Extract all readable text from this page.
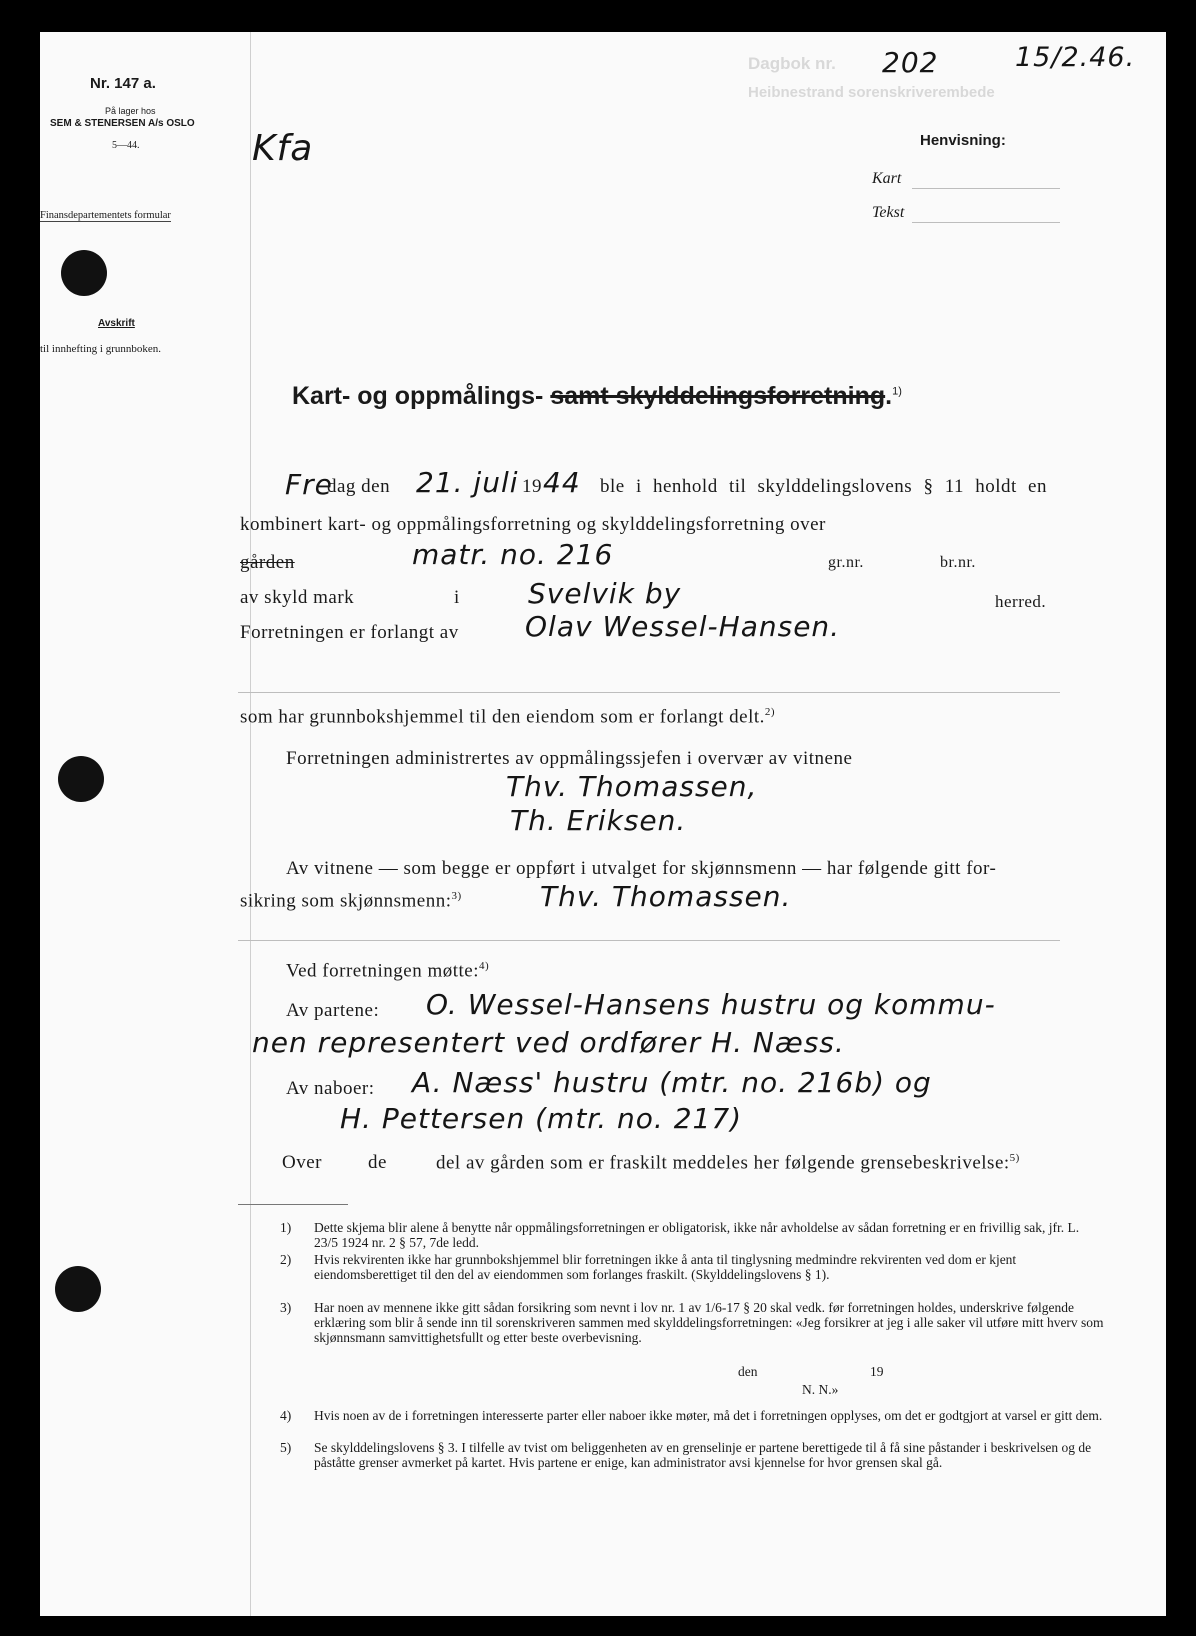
Nr. 147 a.
På lager hos
SEM & STENERSEN A/s OSLO
5—44.
Finansdepartementets formular
Avskrift
til innhefting i grunnboken.
Dagbok nr. 202	15/2.46.
Heibnestrand sorenskriverembede
Kfa	Henvisning:
Kart
Tekst
Kart- og oppmålings- samt skylddelingsforretning.$^{1)}$
Fre
dag den 21. juli 19 44 ble i henhold til skylddelingslovens § 11 holdt en
kombinert kart- og oppmålingsforretning og skylddelingsforretning over
gården	matr. no. 216	gr.nr.	br.nr.
av skyld mark	i Svelvik by	herred.
Forretningen er forlangt av Olav Wessel-Hansen.
som har grunnbokshjemmel til den eiendom som er forlangt delt.$^{2)}$
Forretningen administrertes av oppmålingssjefen i overvær av vitnene
Thv. Thomassen,
Th. Eriksen.
Av vitnene — som begge er oppført i utvalget for skjønnsmenn — har følgende gitt for-
sikring som skjønnsmenn:$^{3)}$	Thv. Thomassen.
Ved forretningen møtte:$^{4)}$
Av partene: O. Wessel-Hansens hustru og kommu-
nen representert ved ordfører H. Næss.
Av naboer: A. Næss' hustru (mtr. no. 216b) og
H. Pettersen (mtr. no. 217)
Over de	del av gården som er fraskilt meddeles her følgende grensebeskrivelse:$^{5)}$
1) Dette skjema blir alene å benytte når oppmålingsforretningen er obligatorisk, ikke når avholdelse av sådan forretning er en frivillig sak, jfr. L. 23/5 1924 nr. 2 § 57, 7de ledd.
2) Hvis rekvirenten ikke har grunnbokshjemmel blir forretningen ikke å anta til tinglysning medmindre rekvirenten ved dom er kjent eiendomsberettiget til den del av eiendommen som forlanges fraskilt. (Skylddelingslovens § 1).
3) Har noen av mennene ikke gitt sådan forsikring som nevnt i lov nr. 1 av 1/6-17 § 20 skal vedk. før forretningen holdes, underskrive følgende erklæring som blir å sende inn til sorenskriveren sammen med skylddelingsforretningen: «Jeg forsikrer at jeg i alle saker vil utføre mitt hverv som skjønnsmann samvittighetsfullt og etter beste overbevisning.
den	19
N. N.»
4) Hvis noen av de i forretningen interesserte parter eller naboer ikke møter, må det i forretningen opplyses, om det er godtgjort at varsel er gitt dem.
5) Se skylddelingslovens § 3. I tilfelle av tvist om beliggenheten av en grenselinje er partene berettigede til å få sine påstander i beskrivelsen og de påståtte grenser avmerket på kartet. Hvis partene er enige, kan administrator avsi kjennelse for hvor grensen skal gå.
